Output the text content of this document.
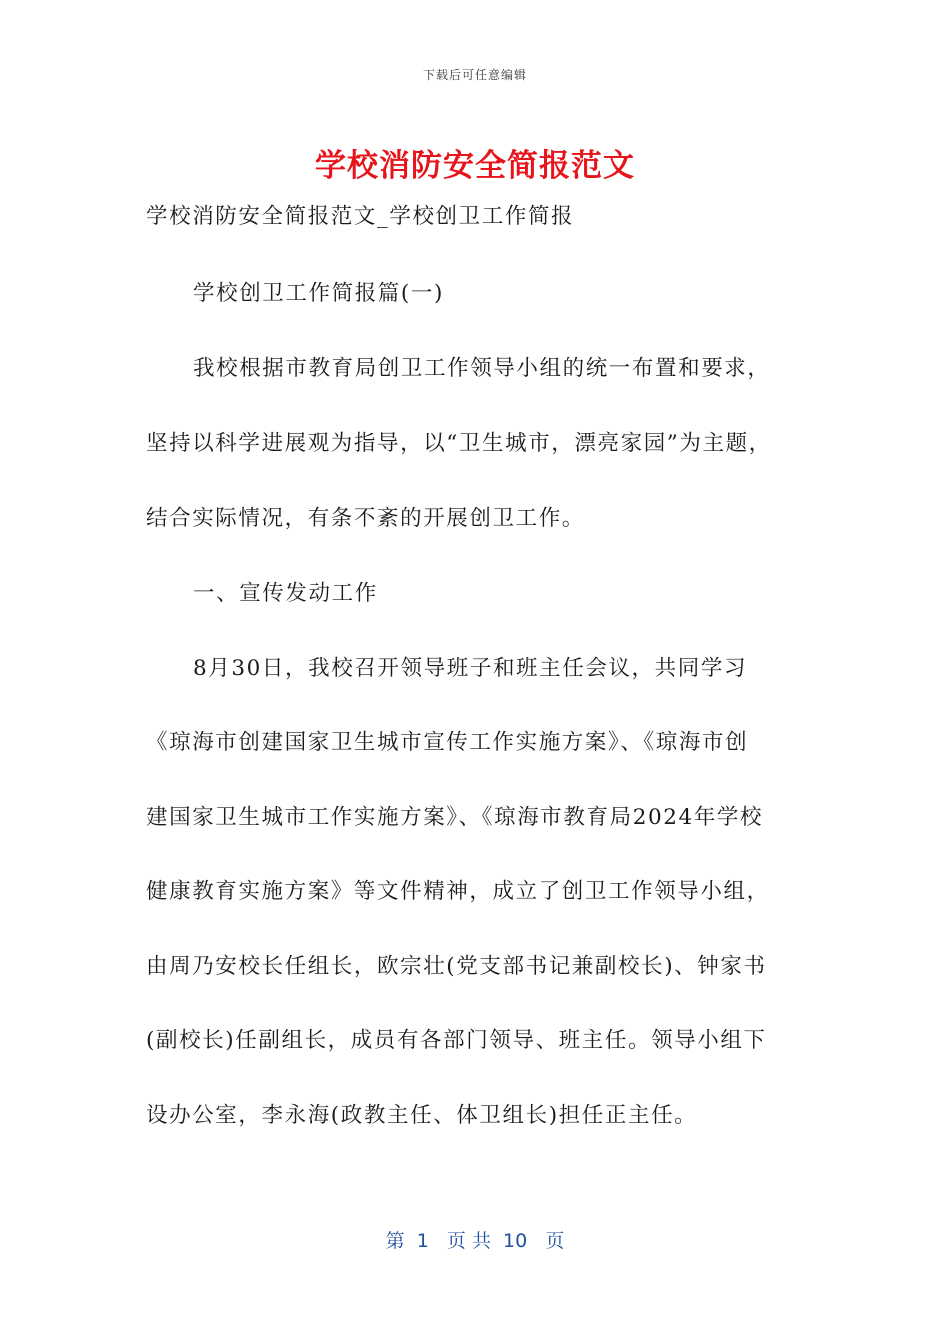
下载后可任意编辑
学校消防安全简报范文
学校消防安全简报范文_学校创卫工作简报
学校创卫工作简报篇(一)
我校根据市教育局创卫工作领导小组的统一布置和要求，
坚持以科学进展观为指导，以“卫生城市，漂亮家园”为主题，
结合实际情况，有条不紊的开展创卫工作。
一、宣传发动工作
8月30日，我校召开领导班子和班主任会议，共同学习
《琼海市创建国家卫生城市宣传工作实施方案》、《琼海市创
建国家卫生城市工作实施方案》、《琼海市教育局2024年学校
健康教育实施方案》等文件精神，成立了创卫工作领导小组，
由周乃安校长任组长，欧宗壮(党支部书记兼副校长)、钟家书
(副校长)任副组长，成员有各部门领导、班主任。领导小组下
设办公室，李永海(政教主任、体卫组长)担任正主任。
第  1   页 共  10   页
